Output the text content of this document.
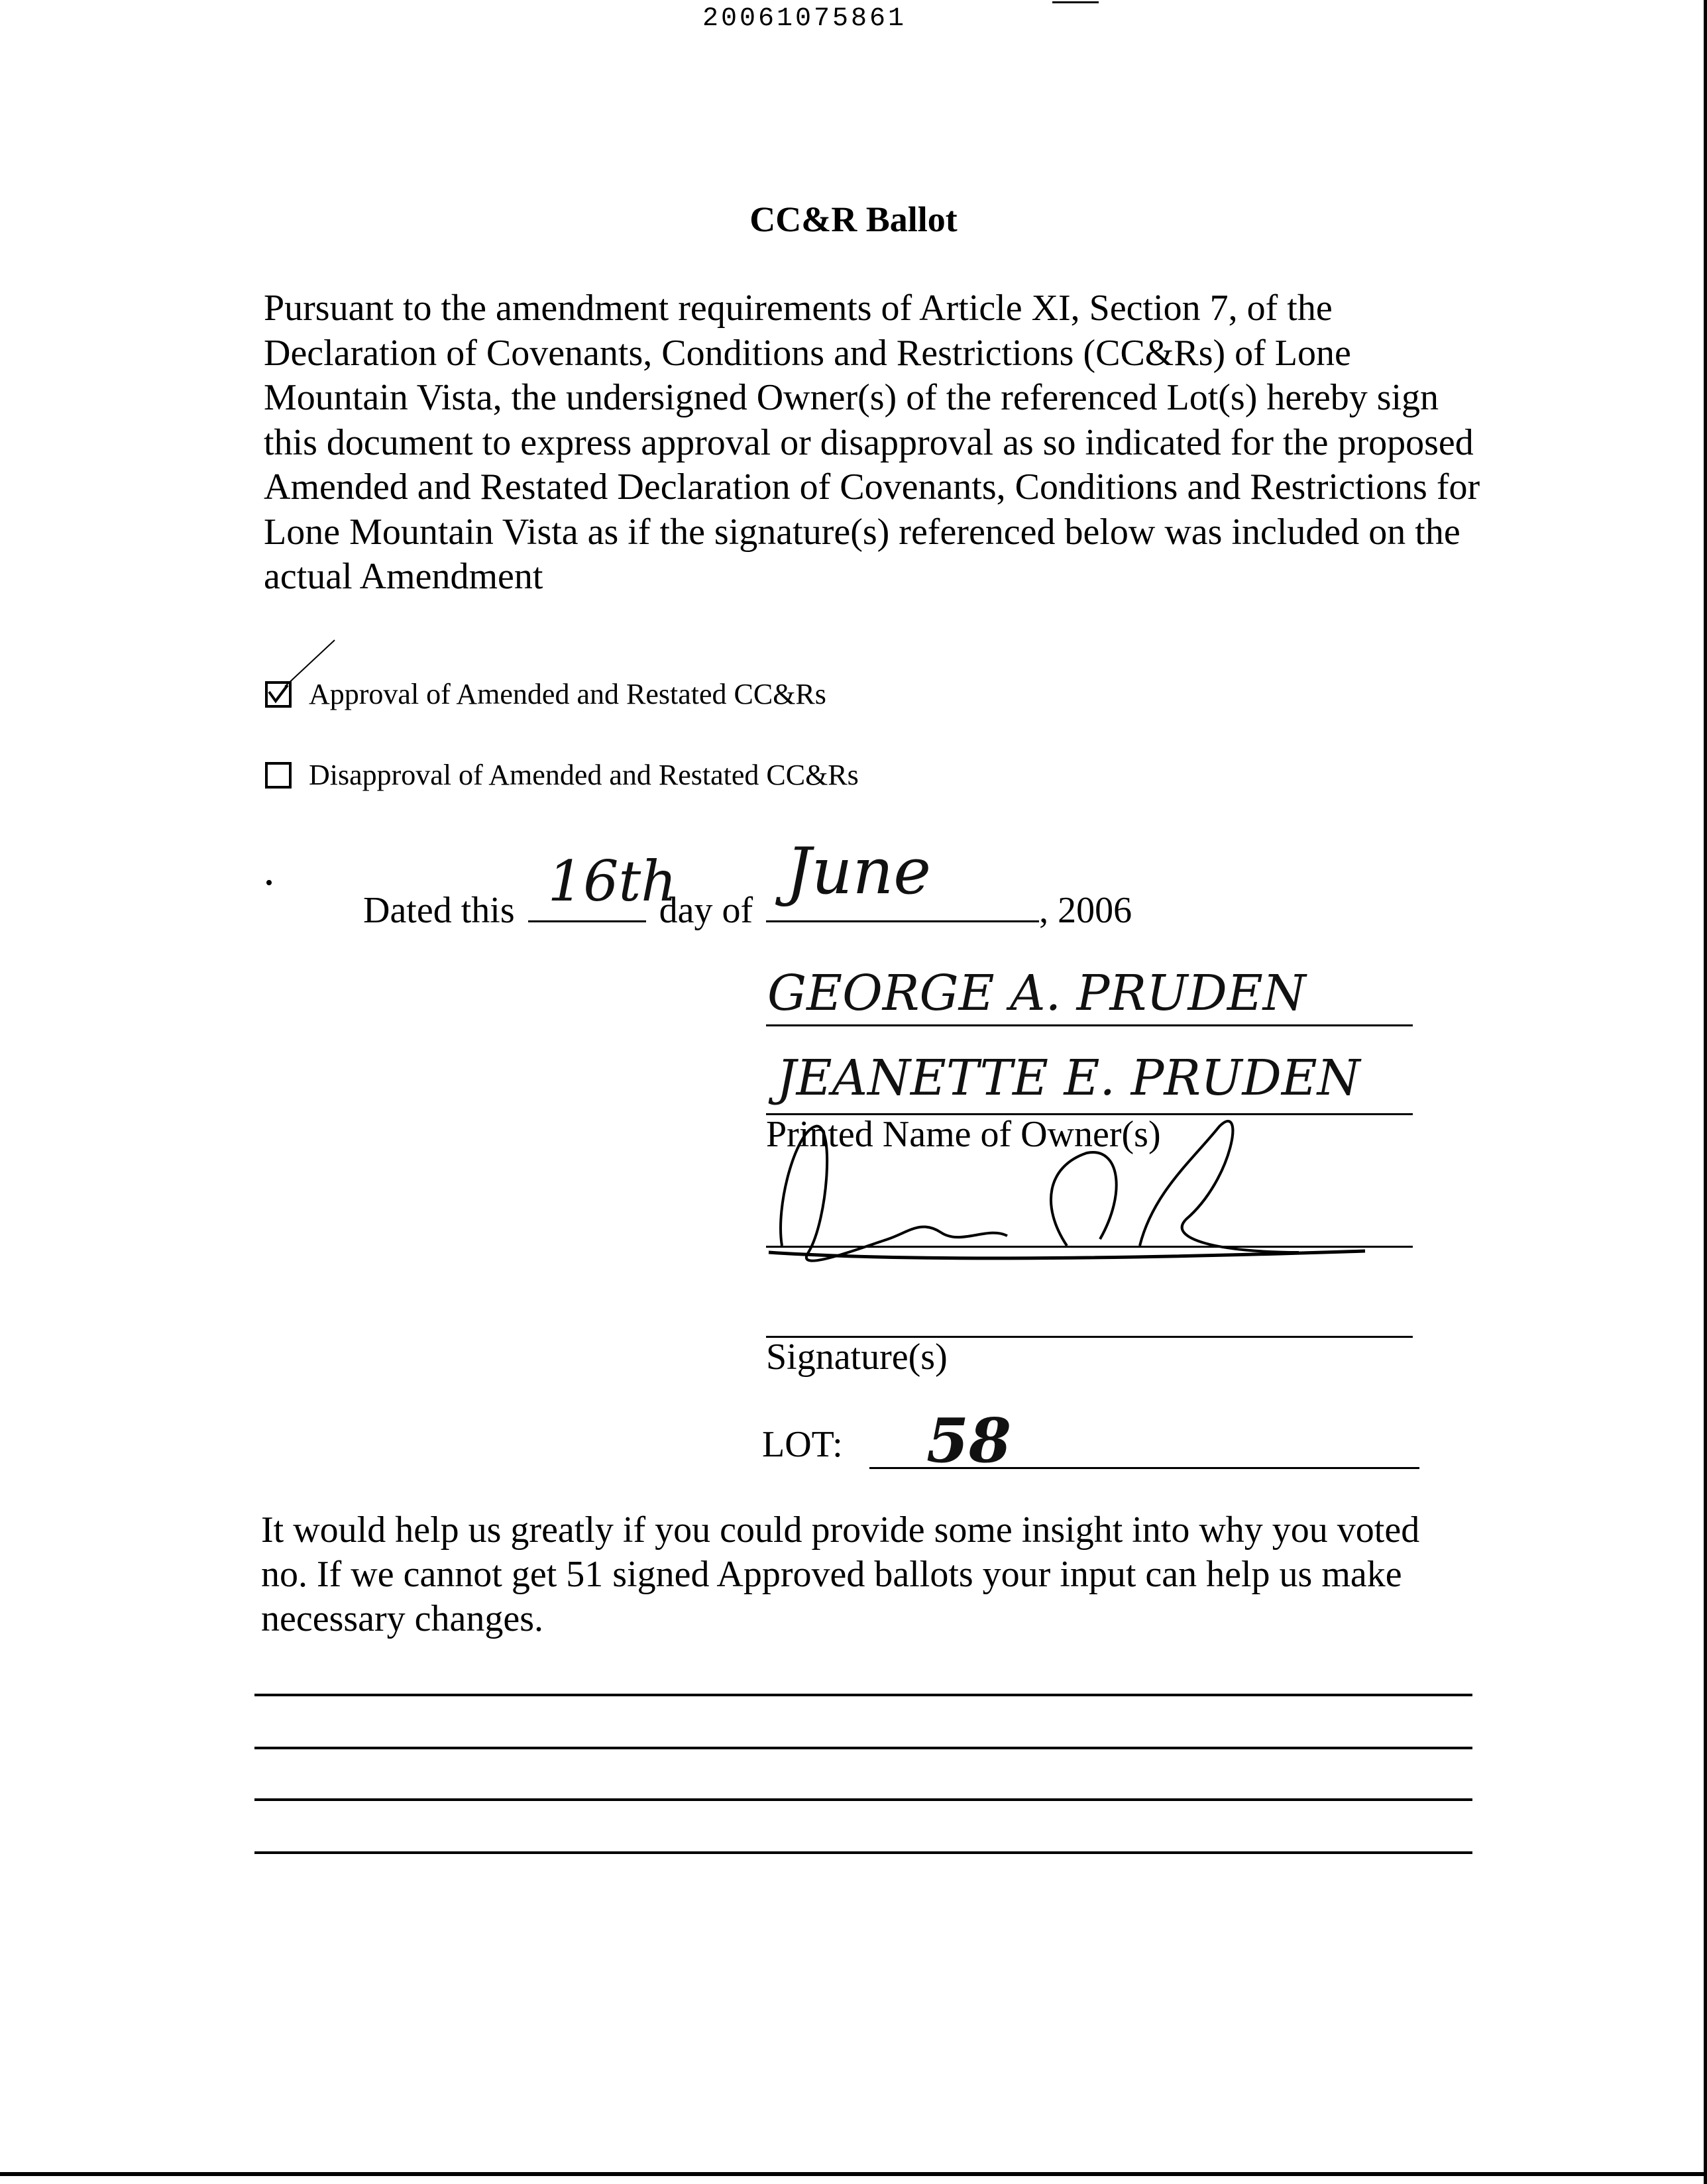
20061075861
CC&R Ballot

Pursuant to the amendment requirements of Article XI, Section 7, of the Declaration of Covenants, Conditions and Restrictions (CC&Rs) of Lone Mountain Vista, the undersigned Owner(s) of the referenced Lot(s) hereby sign this document to express approval or disapproval as so indicated for the proposed Amended and Restated Declaration of Covenants, Conditions and Restrictions for Lone Mountain Vista as if the signature(s) referenced below was included on the actual Amendment

Approval of Amended and Restated CC&Rs
Disapproval of Amended and Restated CC&Rs
Dated this 16th
day of
June
, 2006
GEORGE A. PRUDEN
JEANETTE E. PRUDEN
Printed Name of Owner(s)
Signature(s)
LOT: 58

It would help us greatly if you could provide some insight into why you voted no. If we cannot get 51 signed Approved ballots your input can help us make necessary changes.
